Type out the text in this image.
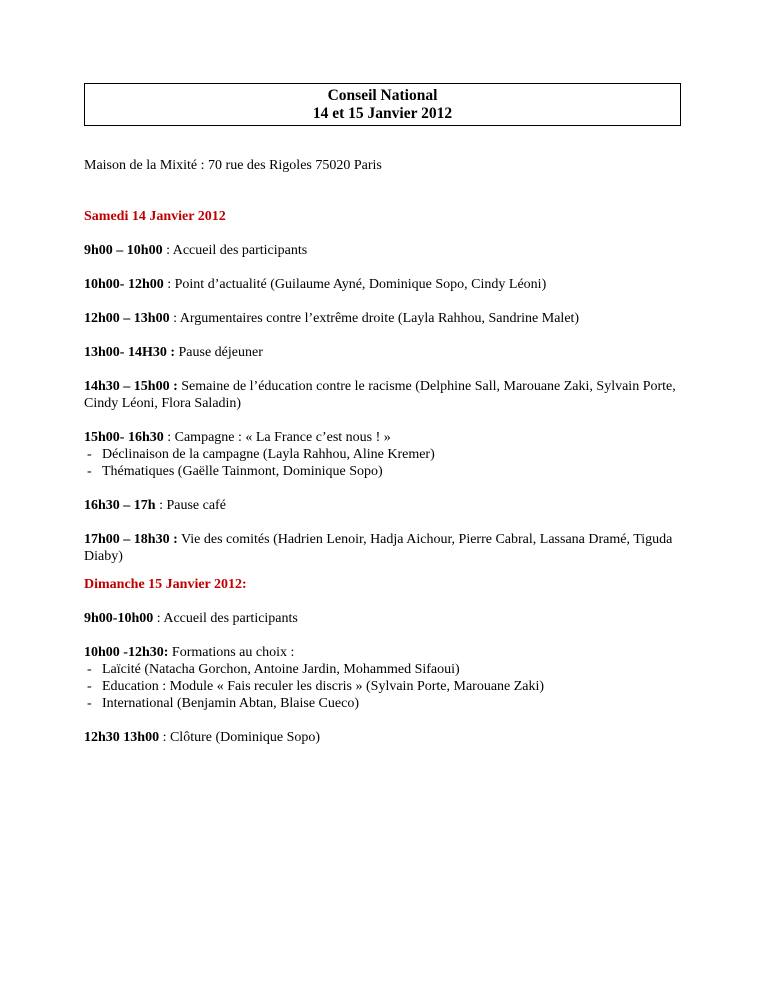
Conseil National
14 et 15 Janvier 2012

Maison de la Mixité : 70 rue des Rigoles 75020 Paris

Samedi 14 Janvier 2012

9h00 – 10h00 : Accueil des participants

10h00- 12h00 : Point d’actualité (Guilaume Ayné, Dominique Sopo, Cindy Léoni)

12h00 – 13h00 : Argumentaires contre l’extrême droite (Layla Rahhou, Sandrine Malet)

13h00- 14H30 : Pause déjeuner

14h30 – 15h00 : Semaine de l’éducation contre le racisme (Delphine Sall, Marouane Zaki, Sylvain Porte, Cindy Léoni, Flora Saladin)

15h00- 16h30 : Campagne : « La France c’est nous ! »

- Déclinaison de la campagne (Layla Rahhou, Aline Kremer)
- Thématiques (Gaëlle Tainmont, Dominique Sopo)

16h30 – 17h : Pause café

17h00 – 18h30 : Vie des comités (Hadrien Lenoir, Hadja Aichour, Pierre Cabral, Lassana Dramé, Tiguda Diaby)

Dimanche 15 Janvier 2012:

9h00-10h00 : Accueil des participants

10h00 -12h30: Formations au choix :

- Laïcité (Natacha Gorchon, Antoine Jardin, Mohammed Sifaoui)
- Education : Module « Fais reculer les discris » (Sylvain Porte, Marouane Zaki)
- International (Benjamin Abtan, Blaise Cueco)

12h30 13h00 : Clôture (Dominique Sopo)
